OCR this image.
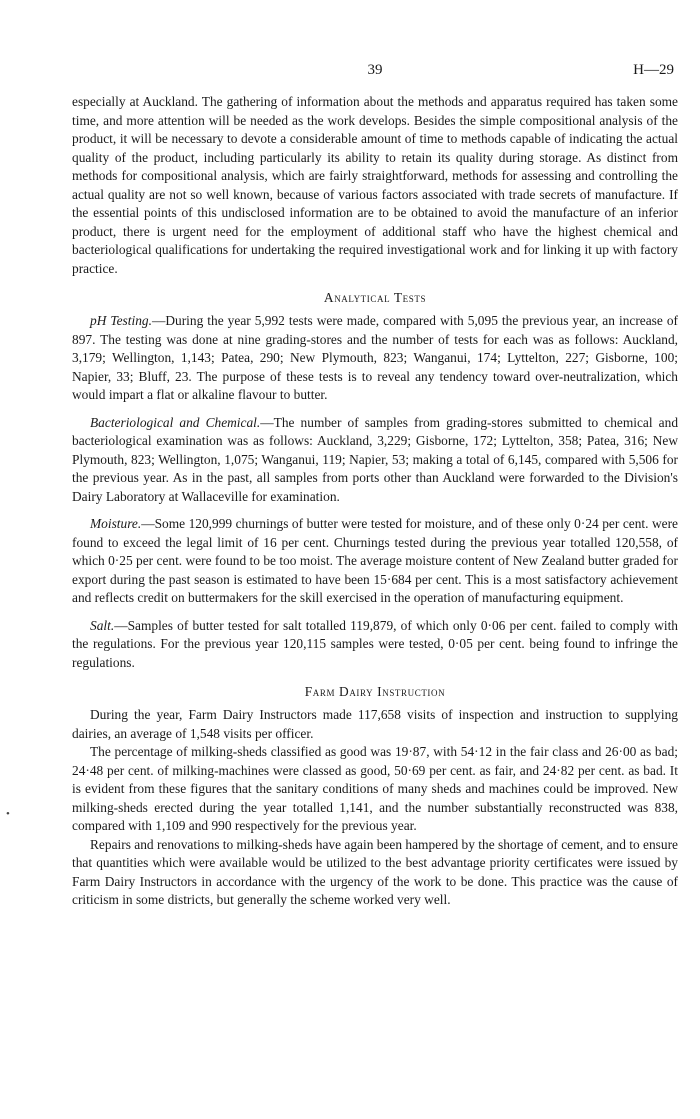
39	H—29

especially at Auckland. The gathering of information about the methods and apparatus required has taken some time, and more attention will be needed as the work develops. Besides the simple compositional analysis of the product, it will be necessary to devote a considerable amount of time to methods capable of indicating the actual quality of the product, including particularly its ability to retain its quality during storage. As distinct from methods for compositional analysis, which are fairly straightforward, methods for assessing and controlling the actual quality are not so well known, because of various factors associated with trade secrets of manufacture. If the essential points of this undisclosed information are to be obtained to avoid the manufacture of an inferior product, there is urgent need for the employment of additional staff who have the highest chemical and bacteriological qualifications for undertaking the required investigational work and for linking it up with factory practice.

Analytical Tests

pH Testing.—During the year 5,992 tests were made, compared with 5,095 the previous year, an increase of 897. The testing was done at nine grading-stores and the number of tests for each was as follows: Auckland, 3,179; Wellington, 1,143; Patea, 290; New Plymouth, 823; Wanganui, 174; Lyttelton, 227; Gisborne, 100; Napier, 33; Bluff, 23. The purpose of these tests is to reveal any tendency toward over-neutralization, which would impart a flat or alkaline flavour to butter.

Bacteriological and Chemical.—The number of samples from grading-stores submitted to chemical and bacteriological examination was as follows: Auckland, 3,229; Gisborne, 172; Lyttelton, 358; Patea, 316; New Plymouth, 823; Wellington, 1,075; Wanganui, 119; Napier, 53; making a total of 6,145, compared with 5,506 for the previous year. As in the past, all samples from ports other than Auckland were forwarded to the Division's Dairy Laboratory at Wallaceville for examination.

Moisture.—Some 120,999 churnings of butter were tested for moisture, and of these only 0·24 per cent. were found to exceed the legal limit of 16 per cent. Churnings tested during the previous year totalled 120,558, of which 0·25 per cent. were found to be too moist. The average moisture content of New Zealand butter graded for export during the past season is estimated to have been 15·684 per cent. This is a most satisfactory achievement and reflects credit on buttermakers for the skill exercised in the operation of manufacturing equipment.

Salt.—Samples of butter tested for salt totalled 119,879, of which only 0·06 per cent. failed to comply with the regulations. For the previous year 120,115 samples were tested, 0·05 per cent. being found to infringe the regulations.

Farm Dairy Instruction

During the year, Farm Dairy Instructors made 117,658 visits of inspection and instruction to supplying dairies, an average of 1,548 visits per officer.

The percentage of milking-sheds classified as good was 19·87, with 54·12 in the fair class and 26·00 as bad; 24·48 per cent. of milking-machines were classed as good, 50·69 per cent. as fair, and 24·82 per cent. as bad. It is evident from these figures that the sanitary conditions of many sheds and machines could be improved. New milking-sheds erected during the year totalled 1,141, and the number substantially reconstructed was 838, compared with 1,109 and 990 respectively for the previous year.

Repairs and renovations to milking-sheds have again been hampered by the shortage of cement, and to ensure that quantities which were available would be utilized to the best advantage priority certificates were issued by Farm Dairy Instructors in accordance with the urgency of the work to be done. This practice was the cause of criticism in some districts, but generally the scheme worked very well.

•
